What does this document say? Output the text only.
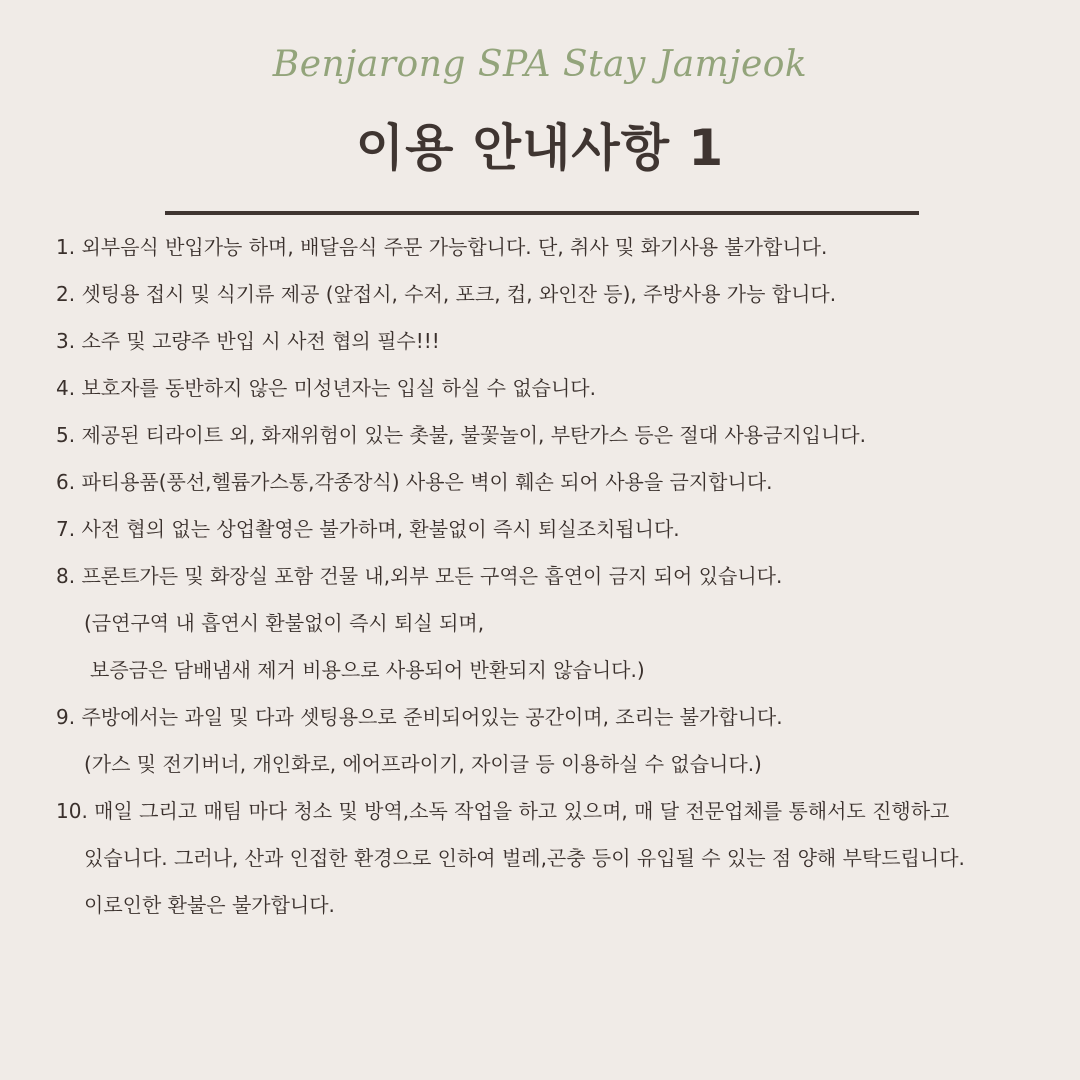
Benjarong SPA Stay Jamjeok
이용 안내사항 1
1. 외부음식 반입가능 하며, 배달음식 주문 가능합니다. 단, 취사 및 화기사용 불가합니다.
2. 셋팅용 접시 및 식기류 제공 (앞접시, 수저, 포크, 컵, 와인잔 등), 주방사용 가능 합니다.
3. 소주 및 고량주 반입 시 사전 협의 필수!!!
4. 보호자를 동반하지 않은 미성년자는 입실 하실 수 없습니다.
5. 제공된 티라이트 외, 화재위험이 있는 촛불, 불꽃놀이, 부탄가스 등은 절대 사용금지입니다.
6. 파티용품(풍선,헬륨가스통,각종장식) 사용은 벽이 훼손 되어 사용을 금지합니다.
7. 사전 협의 없는 상업촬영은 불가하며, 환불없이 즉시 퇴실조치됩니다.
8. 프론트가든 및 화장실 포함 건물 내,외부 모든 구역은 흡연이 금지 되어 있습니다.
(금연구역 내 흡연시 환불없이 즉시 퇴실 되며,
보증금은 담배냄새 제거 비용으로 사용되어 반환되지 않습니다.)
9. 주방에서는 과일 및 다과 셋팅용으로 준비되어있는 공간이며, 조리는 불가합니다.
(가스 및 전기버너, 개인화로, 에어프라이기, 자이글 등 이용하실 수 없습니다.)
10. 매일 그리고 매팀 마다 청소 및 방역,소독 작업을 하고 있으며, 매 달 전문업체를 통해서도 진행하고
있습니다. 그러나, 산과 인접한 환경으로 인하여 벌레,곤충 등이 유입될 수 있는 점 양해 부탁드립니다.
이로인한 환불은 불가합니다.
